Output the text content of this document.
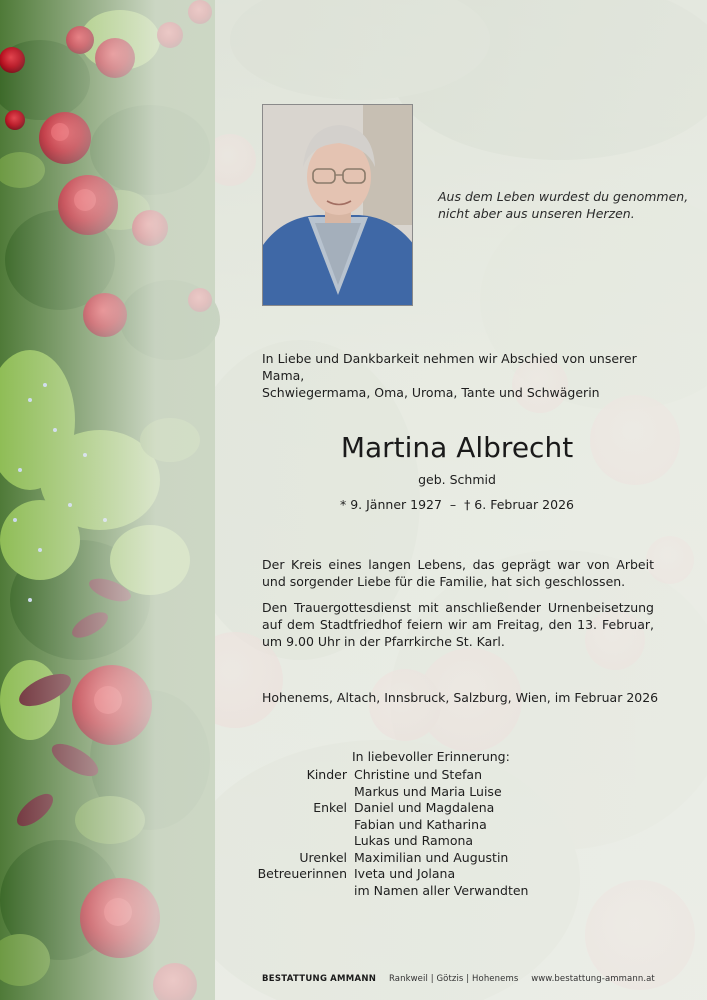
Aus dem Leben wurdest du genommen,
nicht aber aus unseren Herzen.
In Liebe und Dankbarkeit nehmen wir Abschied von unserer Mama,
Schwiegermama, Oma, Uroma, Tante und Schwägerin
Martina Albrecht
geb. Schmid
* 9. Jänner 1927  –  † 6. Februar 2026
Der Kreis eines langen Lebens, das geprägt war von Arbeit und sorgender Liebe für die Familie, hat sich geschlossen.
Den Trauergottesdienst mit anschließender Urnenbeisetzung auf dem Stadtfriedhof feiern wir am Freitag, den 13. Februar, um 9.00 Uhr in der Pfarrkirche St. Karl.
Hohenems, Altach, Innsbruck, Salzburg, Wien, im Februar 2026
In liebevoller Erinnerung:
Kinder Christine und Stefan
Markus und Maria Luise
Enkel Daniel und Magdalena
Fabian und Katharina
Lukas und Ramona
Urenkel Maximilian und Augustin
Betreuerinnen Iveta und Jolana
im Namen aller Verwandten
BESTATTUNG AMMANN Rankweil | Götzis | Hohenems www.bestattung-ammann.at
